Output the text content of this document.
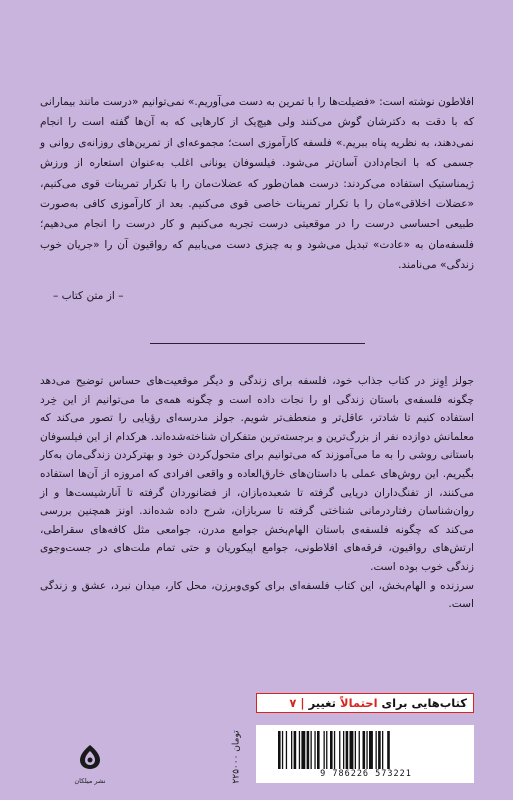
افلاطون نوشته است: «فضیلت‌ها را با تمرین به دست می‌آوریم.» نمی‌توانیم «درست مانند بیمارانی که با دقت به دکترشان گوش می‌کنند ولی هیچ‌یک از کارهایی که به آن‌ها گفته است را انجام نمی‌دهند، به نظریه پناه ببریم.» فلسفه کارآموزی است؛ مجموعه‌ای از تمرین‌های روزانه‌ی روانی و جسمی که با انجام‌دادن آسان‌تر می‌شود. فیلسوفان یونانی اغلب به‌عنوان استعاره از ورزش ژیمناستیک استفاده می‌کردند: درست همان‌طور که عضلات‌مان را با تکرار تمرینات قوی می‌کنیم، «عضلات اخلاقی»مان را با تکرار تمرینات خاصی قوی می‌کنیم. بعد از کارآموزی کافی به‌صورت طبیعی احساسی درست را در موقعیتی درست تجربه می‌کنیم و کار درست را انجام می‌دهیم؛ فلسفه‌مان به «عادت» تبدیل می‌شود و به چیزی دست می‌یابیم که رواقیون آن را «جریان خوب زندگی» می‌نامند.

– از متن کتاب –

جولز اِوِنز در کتاب جذاب خود، فلسفه برای زندگی و دیگر موقعیت‌های حساس توضیح می‌دهد چگونه فلسفه‌ی باستان زندگی او را نجات داده است و چگونه همه‌ی ما می‌توانیم از این خِرد استفاده کنیم تا شادتر، عاقل‌تر و منعطف‌تر شویم. جولز مدرسه‌ای رؤیایی را تصور می‌کند که معلمانش دوازده نفر از بزرگ‌ترین و برجسته‌ترین متفکران شناخته‌شده‌اند. هرکدام از این فیلسوفان باستانی روشی را به ما می‌آموزند که می‌توانیم برای متحول‌کردن خود و بهترکردن زندگی‌مان به‌کار بگیریم. این روش‌های عملی با داستان‌های خارق‌العاده و واقعی افرادی که امروزه از آن‌ها استفاده می‌کنند، از تفنگ‌داران دریایی گرفته تا شعبده‌بازان، از فضانوردان گرفته تا آنارشیست‌ها و از روان‌شناسان رفتاردرمانی شناختی گرفته تا سربازان، شرح داده شده‌اند. اونز همچنین بررسی می‌کند که چگونه فلسفه‌ی باستان الهام‌بخش جوامع مدرن، جوامعی مثل کافه‌های سقراطی، ارتش‌های رواقیون، فرقه‌های افلاطونی، جوامع اپیکوریان و حتی تمام ملت‌های در جست‌وجوی زندگی خوب بوده است.

سرزنده و الهام‌بخش، این کتاب فلسفه‌ای برای کوی‌وبرزن، محل کار، میدان نبرد، عشق و زندگی است.

کتاب‌هایی برای

احتمالاً

تغییر

|

۷
۲۲۵۰۰۰ تومان
9 786226 573221
نشر میلکان
